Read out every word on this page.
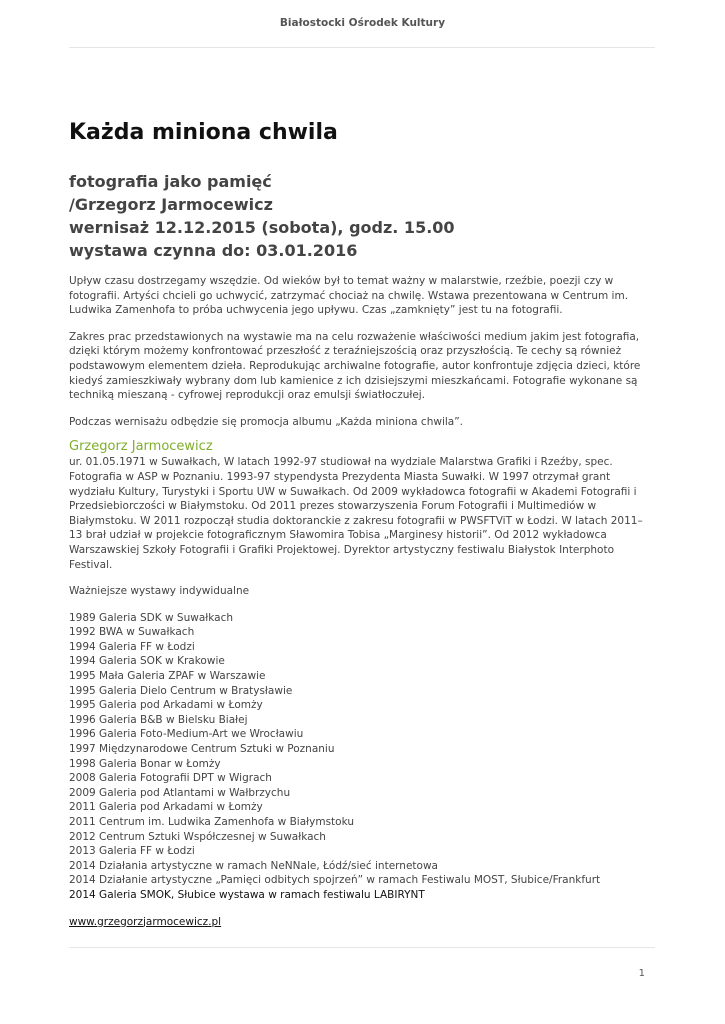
Białostocki Ośrodek Kultury
Każda miniona chwila
fotografia jako pamięć
/Grzegorz Jarmocewicz
wernisaż 12.12.2015 (sobota), godz. 15.00
wystawa czynna do: 03.01.2016

Upływ czasu dostrzegamy wszędzie. Od wieków był to temat ważny w malarstwie, rzeźbie, poezji czy w fotografii. Artyści chcieli go uchwycić, zatrzymać chociaż na chwilę. Wstawa prezentowana w Centrum im. Ludwika Zamenhofa to próba uchwycenia jego upływu. Czas „zamknięty” jest tu na fotografii.

Zakres prac przedstawionych na wystawie ma na celu rozważenie właściwości medium jakim jest fotografia, dzięki którym możemy konfrontować przeszłość z teraźniejszością oraz przyszłością. Te cechy są również podstawowym elementem dzieła. Reprodukując archiwalne fotografie, autor konfrontuje zdjęcia dzieci, które kiedyś zamieszkiwały wybrany dom lub kamienice z ich dzisiejszymi mieszkańcami. Fotografie wykonane są techniką mieszaną - cyfrowej reprodukcji oraz emulsji światłoczułej.

Podczas wernisażu odbędzie się promocja albumu „Każda miniona chwila”.

Grzegorz Jarmocewicz

ur. 01.05.1971 w Suwałkach, W latach 1992-97 studiował na wydziale Malarstwa Grafiki i Rzeźby, spec. Fotografia w ASP w Poznaniu. 1993-97 stypendysta Prezydenta Miasta Suwałki. W 1997 otrzymał grant wydziału Kultury, Turystyki i Sportu UW w Suwałkach. Od 2009 wykładowca fotografii w Akademi Fotografii i Przedsiebiorczości w Białymstoku. Od 2011 prezes stowarzyszenia Forum Fotografii i Multimediów w Białymstoku. W 2011 rozpoczął studia doktoranckie z zakresu fotografii w PWSFTViT w Łodzi. W latach 2011–13 brał udział w projekcie fotograficznym Sławomira Tobisa „Marginesy historii”. Od 2012 wykładowca Warszawskiej Szkoły Fotografii i Grafiki Projektowej. Dyrektor artystyczny festiwalu Białystok Interphoto Festival.

Ważniejsze wystawy indywidualne

1989 Galeria SDK w Suwałkach
1992 BWA w Suwałkach
1994 Galeria FF w Łodzi
1994 Galeria SOK w Krakowie
1995 Mała Galeria ZPAF w Warszawie
1995 Galeria Dielo Centrum w Bratysławie
1995 Galeria pod Arkadami w Łomży
1996 Galeria B&B w Bielsku Białej
1996 Galeria Foto-Medium-Art we Wrocławiu
1997 Międzynarodowe Centrum Sztuki w Poznaniu
1998 Galeria Bonar w Łomży
2008 Galeria Fotografii DPT w Wigrach
2009 Galeria pod Atlantami w Wałbrzychu
2011 Galeria pod Arkadami w Łomży
2011 Centrum im. Ludwika Zamenhofa w Białymstoku
2012 Centrum Sztuki Współczesnej w Suwałkach
2013 Galeria FF w Łodzi
2014 Działania artystyczne w ramach NeNNale, Łódź/sieć internetowa
2014 Działanie artystyczne „Pamięci odbitych spojrzeń” w ramach Festiwalu MOST, Słubice/Frankfurt
2014 Galeria SMOK, Słubice wystawa w ramach festiwalu LABIRYNT
www.grzegorzjarmocewicz.pl
1
